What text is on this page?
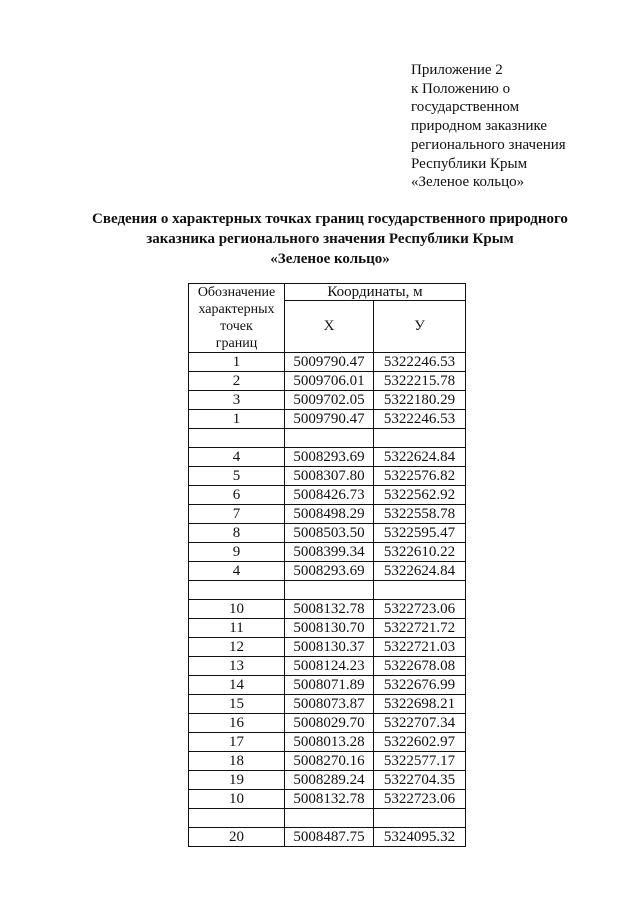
Приложение 2
к Положению о
государственном
природном заказнике
регионального значения
Республики Крым
«Зеленое кольцо»
Сведения о характерных точках границ государственного природного
заказника регионального значения Республики Крым
«Зеленое кольцо»
Обозначение
характерных
точек
границ	Координаты, м	
	X	У
1	5009790.47	5322246.53
2	5009706.01	5322215.78
3	5009702.05	5322180.29
1	5009790.47	5322246.53

4	5008293.69	5322624.84
5	5008307.80	5322576.82
6	5008426.73	5322562.92
7	5008498.29	5322558.78
8	5008503.50	5322595.47
9	5008399.34	5322610.22
4	5008293.69	5322624.84

10	5008132.78	5322723.06
11	5008130.70	5322721.72
12	5008130.37	5322721.03
13	5008124.23	5322678.08
14	5008071.89	5322676.99
15	5008073.87	5322698.21
16	5008029.70	5322707.34
17	5008013.28	5322602.97
18	5008270.16	5322577.17
19	5008289.24	5322704.35
10	5008132.78	5322723.06

20	5008487.75	5324095.32
